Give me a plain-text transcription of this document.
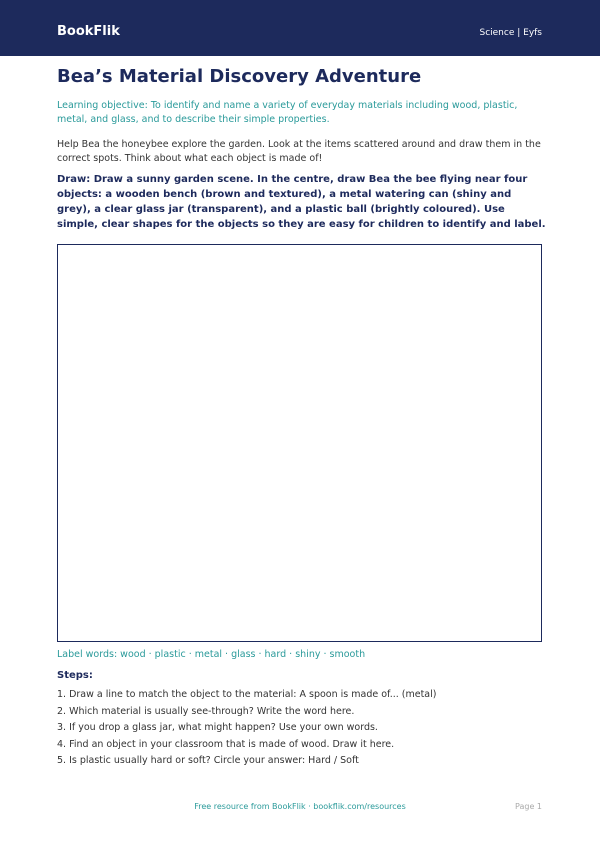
BookFlik	Science | Eyfs
Bea’s Material Discovery Adventure

Learning objective: To identify and name a variety of everyday materials including wood, plastic, metal, and glass, and to describe their simple properties.

Help Bea the honeybee explore the garden. Look at the items scattered around and draw them in the correct spots. Think about what each object is made of!

Draw: Draw a sunny garden scene. In the centre, draw Bea the bee flying near four objects: a wooden bench (brown and textured), a metal watering can (shiny and grey), a clear glass jar (transparent), and a plastic ball (brightly coloured). Use simple, clear shapes for the objects so they are easy for children to identify and label.

Label words: wood · plastic · metal · glass · hard · shiny · smooth

Steps:

1. Draw a line to match the object to the material: A spoon is made of... (metal)
2. Which material is usually see-through? Write the word here.
3. If you drop a glass jar, what might happen? Use your own words.
4. Find an object in your classroom that is made of wood. Draw it here.
5. Is plastic usually hard or soft? Circle your answer: Hard / Soft
Free resource from BookFlik · bookflik.com/resources	Page 1
